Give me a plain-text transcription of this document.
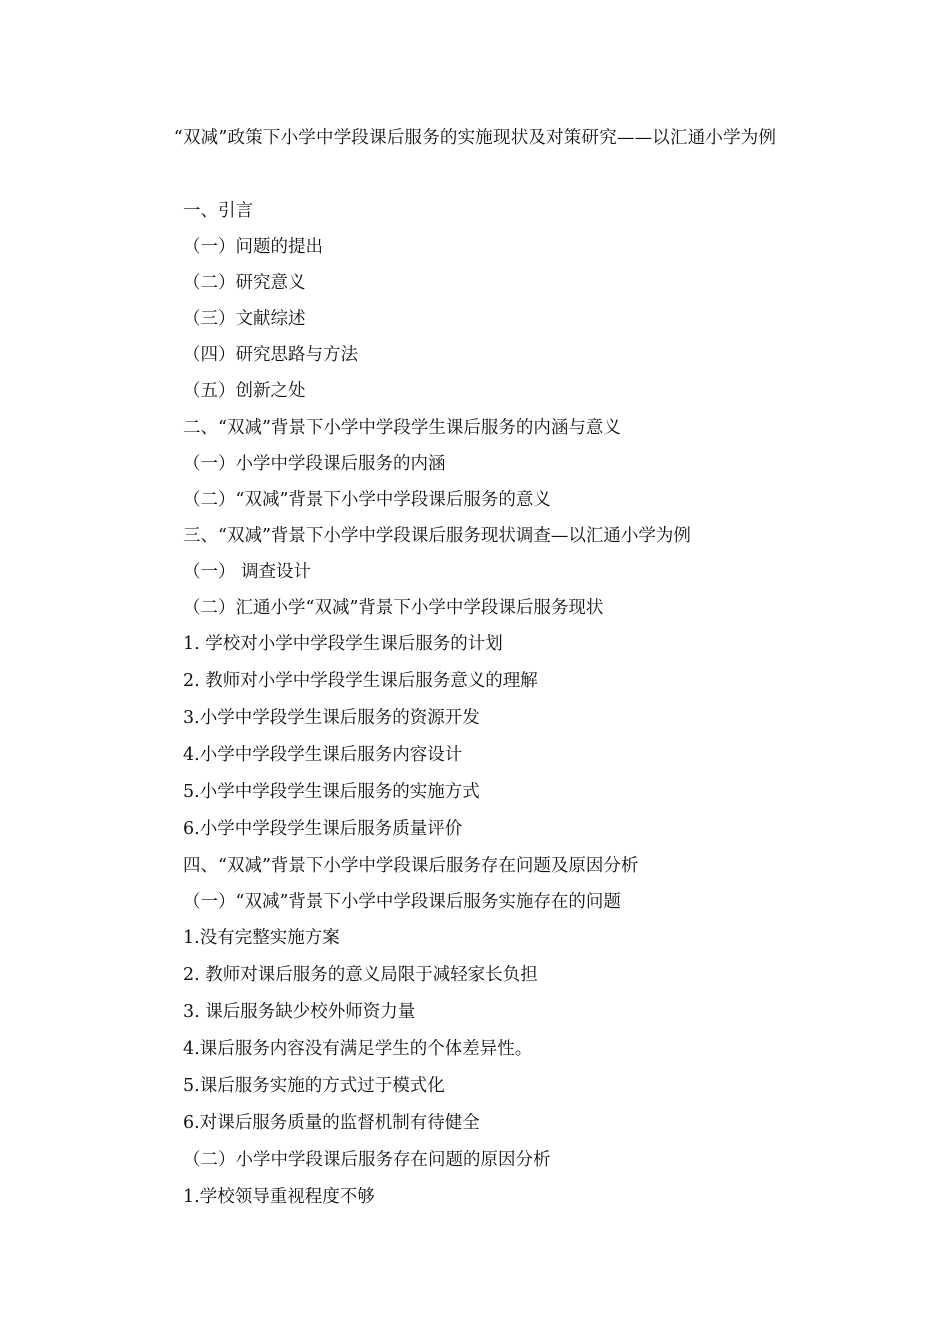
“双减”政策下小学中学段课后服务的实施现状及对策研究——以汇通小学为例
一、引言
（一）问题的提出
（二）研究意义
（三）文献综述
（四）研究思路与方法
（五）创新之处
二、“双减”背景下小学中学段学生课后服务的内涵与意义
（一）小学中学段课后服务的内涵
（二）“双减”背景下小学中学段课后服务的意义
三、“双减”背景下小学中学段课后服务现状调查—以汇通小学为例
（一） 调查设计
（二）汇通小学“双减”背景下小学中学段课后服务现状
1. 学校对小学中学段学生课后服务的计划
2. 教师对小学中学段学生课后服务意义的理解
3.小学中学段学生课后服务的资源开发
4.小学中学段学生课后服务内容设计
5.小学中学段学生课后服务的实施方式
6.小学中学段学生课后服务质量评价
四、“双减”背景下小学中学段课后服务存在问题及原因分析
（一）“双减”背景下小学中学段课后服务实施存在的问题
1.没有完整实施方案
2. 教师对课后服务的意义局限于减轻家长负担
3. 课后服务缺少校外师资力量
4.课后服务内容没有满足学生的个体差异性。
5.课后服务实施的方式过于模式化
6.对课后服务质量的监督机制有待健全
（二）小学中学段课后服务存在问题的原因分析
1.学校领导重视程度不够
